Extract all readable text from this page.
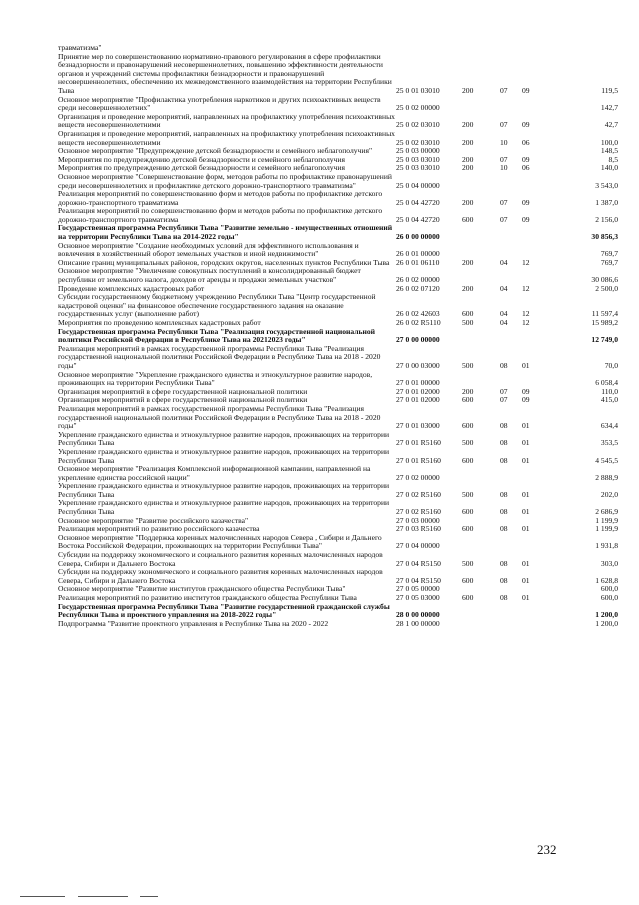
травматизма"					
Принятие мер по совершенствованию нормативно-правового регулирования в сфере профилактики безнадзорности и правонарушений несовершеннолетних, повышению эффективности деятельности органов и учреждений системы профилактики безнадзорности и правонарушений несовершеннолетних, обеспечению их межведомственного взаимодействия на территории Республики Тыва	25 0 01 03010	200	07	09	119,5
Основное мероприятие "Профилактика употребления наркотиков и других психоактивных веществ среди несовершеннолетних"	25 0 02 00000				142,7
Организация и проведение мероприятий, направленных на профилактику употребления психоактивных веществ несовершеннолетними	25 0 02 03010	200	07	09	42,7
Организация и проведение мероприятий, направленных на профилактику употребления психоактивных веществ несовершеннолетними	25 0 02 03010	200	10	06	100,0
Основное мероприятие "Предупреждение детской безнадзорности и семейного неблагополучия"	25 0 03 00000				148,5
Мероприятия по предупреждению детской безнадзорности и семейного неблагополучия	25 0 03 03010	200	07	09	8,5
Мероприятия по предупреждению детской безнадзорности и семейного неблагополучия	25 0 03 03010	200	10	06	140,0
Основное мероприятие "Совершенствование форм, методов работы по профилактике правонарушений среди несовершеннолетних и профилактике детского дорожно-транспортного травматизма"	25 0 04 00000				3 543,0
Реализация мероприятий по совершенствованию форм и методов работы по профилактике детского дорожно-транспортного травматизма	25 0 04 42720	200	07	09	1 387,0
Реализация мероприятий по совершенствованию форм и методов работы по профилактике детского дорожно-транспортного травматизма	25 0 04 42720	600	07	09	2 156,0
Государственная программа Республики Тыва "Развитие земельно - имущественных отношений на территории Республики Тыва на 2014-2022 годы"	26 0 00 00000				30 856,3
Основное мероприятие "Создание необходимых условий для эффективного использования и вовлечения в хозяйственный оборот земельных участков и иной недвижимости"	26 0 01 00000				769,7
Описание границ муниципальных районов, городских округов, населенных пунктов Республики Тыва	26 0 01 06110	200	04	12	769,7
Основное мероприятие "Увеличение совокупных поступлений в консолидированный бюджет республики от земельного налога, доходов от аренды и продажи земельных участков"	26 0 02 00000				30 086,6
Проведение комплексных кадастровых работ	26 0 02 07120	200	04	12	2 500,0
Субсидии государственному бюджетному учреждению Республики Тыва "Центр государственной кадастровой оценки" на финансовое обеспечение государственного задания на оказание государственных услуг (выполнение работ)	26 0 02 42603	600	04	12	11 597,4
Мероприятия по проведению комплексных кадастровых работ	26 0 02 R5110	500	04	12	15 989,2
Государственная программа Республики Тыва "Реализация государственной национальной политики Российской Федерации в Республике Тыва на 20212023 годы"	27 0 00 00000				12 749,0
Реализация мероприятий в рамках государственной программы Республики Тыва "Реализация государственной национальной политики Российской Федерации в Республике Тыва на 2018 - 2020 годы"	27 0 00 03000	500	08	01	70,0
Основное мероприятие "Укрепление гражданского единства и этнокультурное развитие народов, проживающих на территории Республики Тыва"	27 0 01 00000				6 058,4
Организация мероприятий в сфере государственной национальной политики	27 0 01 02000	200	07	09	110,0
Организация мероприятий в сфере государственной национальной политики	27 0 01 02000	600	07	09	415,0
Реализация мероприятий в рамках государственной программы Республики Тыва "Реализация государственной национальной политики Российской Федерации в Республике Тыва на 2018 - 2020 годы"	27 0 01 03000	600	08	01	634,4
Укрепление гражданского единства и этнокультурное развитие народов, проживающих на территории Республики Тыва	27 0 01 R5160	500	08	01	353,5
Укрепление гражданского единства и этнокультурное развитие народов, проживающих на территории Республики Тыва	27 0 01 R5160	600	08	01	4 545,5
Основное мероприятие "Реализация Комплексной информационной кампании, направленной на укрепление единства российской нации"	27 0 02 00000				2 888,9
Укрепление гражданского единства и этнокультурное развитие народов, проживающих на территории Республики Тыва	27 0 02 R5160	500	08	01	202,0
Укрепление гражданского единства и этнокультурное развитие народов, проживающих на территории Республики Тыва	27 0 02 R5160	600	08	01	2 686,9
Основное мероприятие "Развитие российского казачества"	27 0 03 00000				1 199,9
Реализация мероприятий по развитию российского казачества	27 0 03 R5160	600	08	01	1 199,9
Основное мероприятие "Поддержка коренных малочисленных народов Севера , Сибири и Дальнего Востока Российской Федерации, проживающих на территории Республики Тыва"	27 0 04 00000				1 931,8
Субсидии на поддержку экономического и социального развития коренных малочисленных народов Севера, Сибири и Дальнего Востока	27 0 04 R5150	500	08	01	303,0
Субсидии на поддержку экономического и социального развития коренных малочисленных народов Севера, Сибири и Дальнего Востока	27 0 04 R5150	600	08	01	1 628,8
Основное мероприятие "Развитие институтов гражданского общества Республики Тыва"	27 0 05 00000				600,0
Реализация мероприятий по развитию институтов гражданского общества Республики Тыва	27 0 05 03000	600	08	01	600,0
Государственная программа Республики Тыва "Развитие государственной гражданской службы Республики Тыва и проектного управления на 2018-2022 годы"	28 0 00 00000				1 200,0
Подпрограмма "Развитие проектного управления в Республике Тыва на 2020 - 2022	28 1 00 00000				1 200,0
232
